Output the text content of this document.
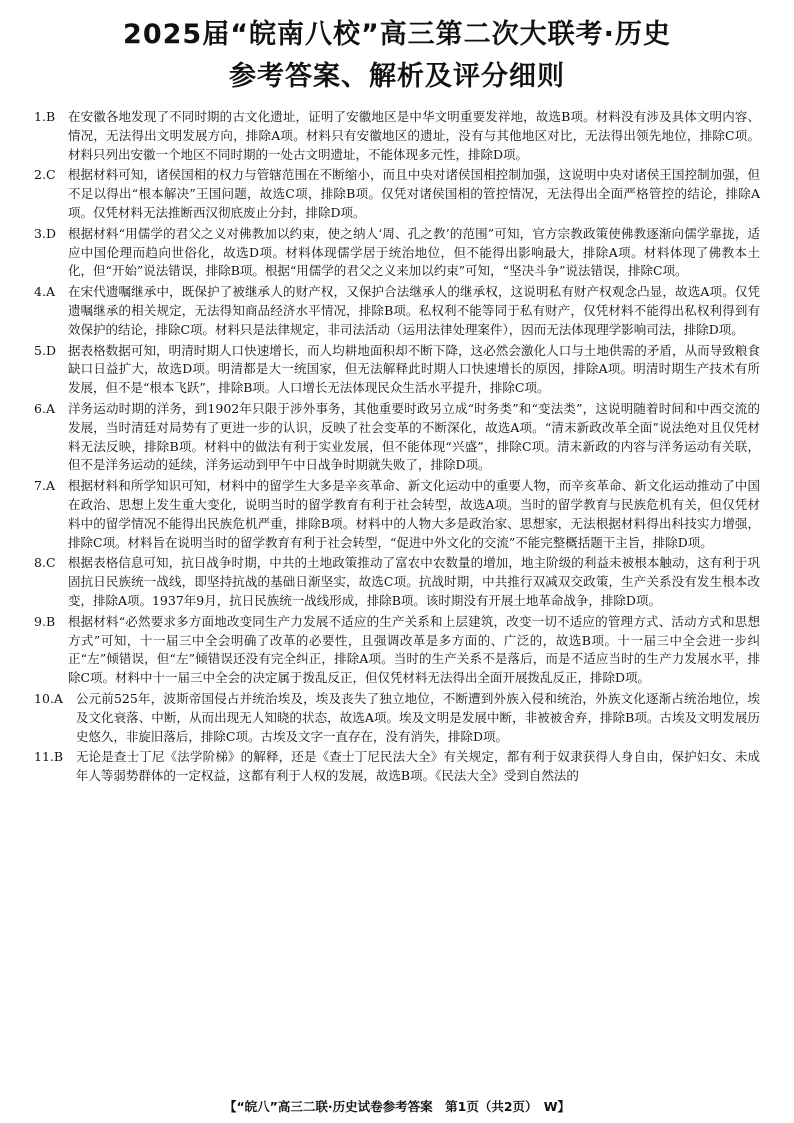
2025届“皖南八校”高三第二次大联考·历史
参考答案、解析及评分细则
1. B	在安徽各地发现了不同时期的古文化遗址，证明了安徽地区是中华文明重要发祥地，故选B项。材料没有涉及具体文明内容、情况，无法得出文明发展方向，排除A项。材料只有安徽地区的遗址，没有与其他地区对比，无法得出领先地位，排除C项。材料只列出安徽一个地区不同时期的一处古文明遗址，不能体现多元性，排除D项。
2. C 根据材料可知，诸侯国相的权力与管辖范围在不断缩小，而且中央对诸侯国相控制加强，这说明中央对诸侯王国控制加强，但不足以得出“根本解决”王国问题，故选C项，排除B项。仅凭对诸侯国相的管控情况，无法得出全面严格管控的结论，排除A项。仅凭材料无法推断西汉彻底废止分封，排除D项。
3. D 根据材料“用儒学的君父之义对佛教加以约束，使之纳人‘周、孔之教’的范围”可知，官方宗教政策使佛教逐渐向儒学靠拢，适应中国伦理而趋向世俗化，故选D项。材料体现儒学居于统治地位，但不能得出影响最大，排除A项。材料体现了佛教本土化，但“开始”说法错误，排除B项。根据“用儒学的君父之义来加以约束”可知，“坚决斗争”说法错误，排除C项。
4. A	在宋代遗嘱继承中，既保护了被继承人的财产权，又保护合法继承人的继承权，这说明私有财产权观念凸显，故选A项。仅凭遗嘱继承的相关规定，无法得知商品经济水平情况，排除B项。私权利不能等同于私有财产，仅凭材料不能得出私权利得到有效保护的结论，排除C项。材料只是法律规定，非司法活动（运用法律处理案件），因而无法体现理学影响司法，排除D项。
5. D 据表格数据可知，明清时期人口快速增长，而人均耕地面积却不断下降，这必然会激化人口与土地供需的矛盾，从而导致粮食缺口日益扩大，故选D项。明清都是大一统国家，但无法解释此时期人口快速增长的原因，排除A项。明清时期生产技术有所发展，但不是“根本飞跃”，排除B项。人口增长无法体现民众生活水平提升，排除C项。
6. A	洋务运动时期的洋务，到1902年只限于涉外事务，其他重要时政另立成“时务类”和“变法类”，这说明随着时间和中西交流的发展，当时清廷对局势有了更进一步的认识，反映了社会变革的不断深化，故选A项。“清末新政改革全面”说法绝对且仅凭材料无法反映，排除B项。材料中的做法有利于实业发展，但不能体现“兴盛”，排除C项。清末新政的内容与洋务运动有关联，但不是洋务运动的延续，洋务运动到甲午中日战争时期就失败了，排除D项。
7. A	根据材料和所学知识可知，材料中的留学生大多是辛亥革命、新文化运动中的重要人物，而辛亥革命、新文化运动推动了中国在政治、思想上发生重大变化，说明当时的留学教育有利于社会转型，故选A项。当时的留学教育与民族危机有关，但仅凭材料中的留学情况不能得出民族危机严重，排除B项。材料中的人物大多是政治家、思想家，无法根据材料得出科技实力增强，排除C项。材料旨在说明当时的留学教育有利于社会转型，“促进中外文化的交流”不能完整概括题干主旨，排除D项。
8. C 根据表格信息可知，抗日战争时期，中共的土地政策推动了富农中农数量的增加，地主阶级的利益未被根本触动，这有利于巩固抗日民族统一战线，即坚持抗战的基础日渐坚实，故选C项。抗战时期，中共推行双减双交政策，生产关系没有发生根本改变，排除A项。1937年9月，抗日民族统一战线形成，排除B项。该时期没有开展土地革命战争，排除D项。
9. B	根据材料“必然要求多方面地改变同生产力发展不适应的生产关系和上层建筑，改变一切不适应的管理方式、活动方式和思想方式”可知，十一届三中全会明确了改革的必要性，且强调改革是多方面的、广泛的，故选B项。十一届三中全会进一步纠正“左”倾错误，但“左”倾错误还没有完全纠正，排除A项。当时的生产关系不是落后，而是不适应当时的生产力发展水平，排除C项。材料中十一届三中全会的决定属于拨乱反正，但仅凭材料无法得出全面开展拨乱反正，排除D项。
10. A	公元前525年，波斯帝国侵占并统治埃及，埃及丧失了独立地位，不断遭到外族入侵和统治，外族文化逐渐占统治地位，埃及文化衰落、中断，从而出现无人知晓的状态，故选A项。埃及文明是发展中断，非被被舍弃，排除B项。古埃及文明发展历史悠久，非旋旧落后，排除C项。古埃及文字一直存在，没有消失，排除D项。
11. B	无论是查士丁尼《法学阶梯》的解释，还是《查士丁尼民法大全》有关规定，都有利于奴隶获得人身自由，保护妇女、未成年人等弱势群体的一定权益，这都有利于人权的发展，故选B项。《民法大全》受到自然法的
【“皖八”高三二联·历史试卷参考答案　第1页（共2页）　W】
